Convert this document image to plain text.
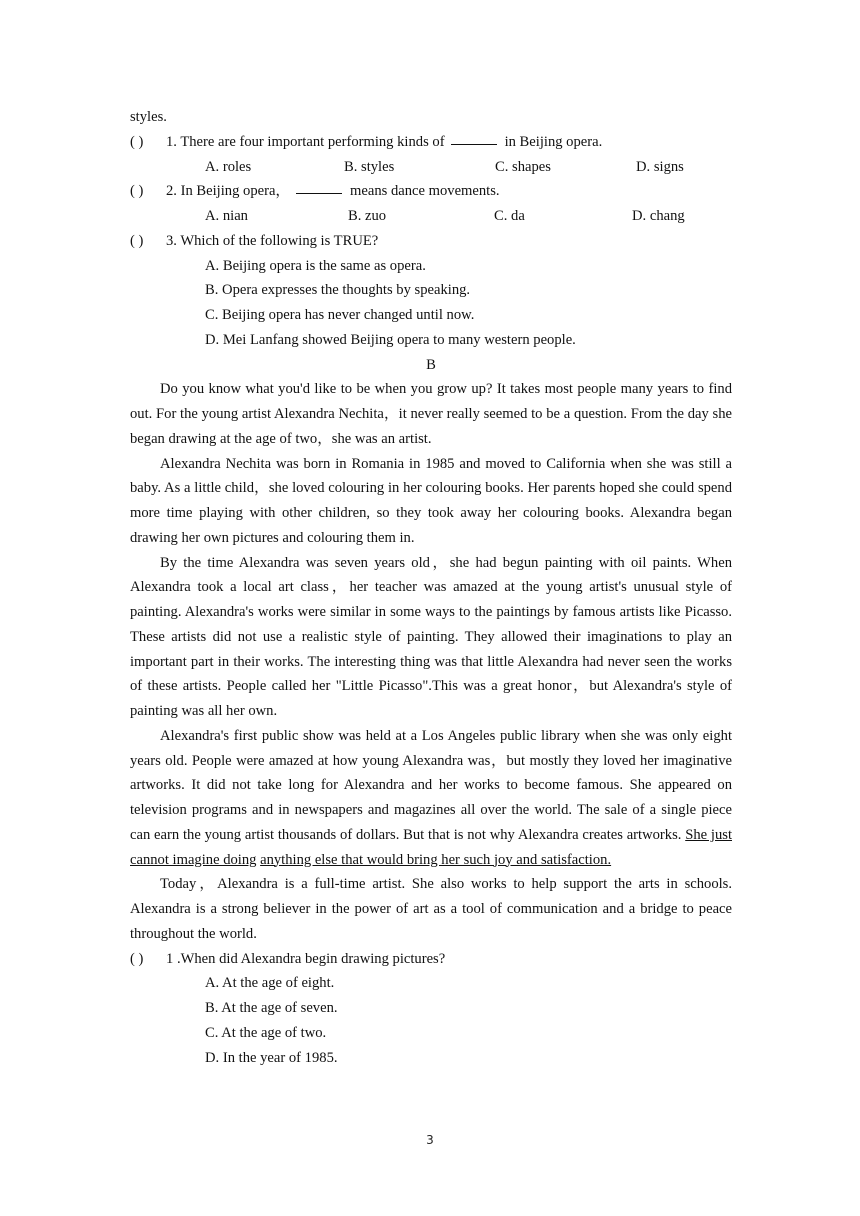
styles.
( )	1. There are four important performing kinds of	in Beijing opera.
A. roles	B. styles	C. shapes	D. signs
( )	2. In Beijing opera，	means dance movements.
A. nian	B. zuo	C. da	D. chang
( )	3. Which of the following is TRUE?
A. Beijing opera is the same as opera.
B. Opera expresses the thoughts by speaking.
C. Beijing opera has never changed until now.
D. Mei Lanfang showed Beijing opera to many western people.
B

Do you know what you'd like to be when you grow up? It takes most people many years to find out. For the young artist Alexandra Nechita，it never really seemed to be a question. From the day she began drawing at the age of two，she was an artist.

Alexandra Nechita was born in Romania in 1985 and moved to California when she was still a baby. As a little child，she loved colouring in her colouring books. Her parents hoped she could spend more time playing with other children, so they took away her colouring books. Alexandra began drawing her own pictures and colouring them in.

By the time Alexandra was seven years old，she had begun painting with oil paints. When Alexandra took a local art class，her teacher was amazed at the young artist's unusual style of painting. Alexandra's works were similar in some ways to the paintings by famous artists like Picasso. These artists did not use a realistic style of painting. They allowed their imaginations to play an important part in their works. The interesting thing was that little Alexandra had never seen the works of these artists. People called her "Little Picasso".This was a great honor，but Alexandra's style of painting was all her own.

Alexandra's first public show was held at a Los Angeles public library when she was only eight years old. People were amazed at how young Alexandra was，but mostly they loved her imaginative artworks. It did not take long for Alexandra and her works to become famous. She appeared on television programs and in newspapers and magazines all over the world. The sale of a single piece can earn the young artist thousands of dollars. But that is not why Alexandra creates artworks. She just cannot imagine doing anything else that would bring her such joy and satisfaction.

Today，Alexandra is a full-time artist. She also works to help support the arts in schools. Alexandra is a strong believer in the power of art as a tool of communication and a bridge to peace throughout the world.

( )	1 .When did Alexandra begin drawing pictures?
A. At the age of eight.
B. At the age of seven.
C. At the age of two.
D. In the year of 1985.
3
